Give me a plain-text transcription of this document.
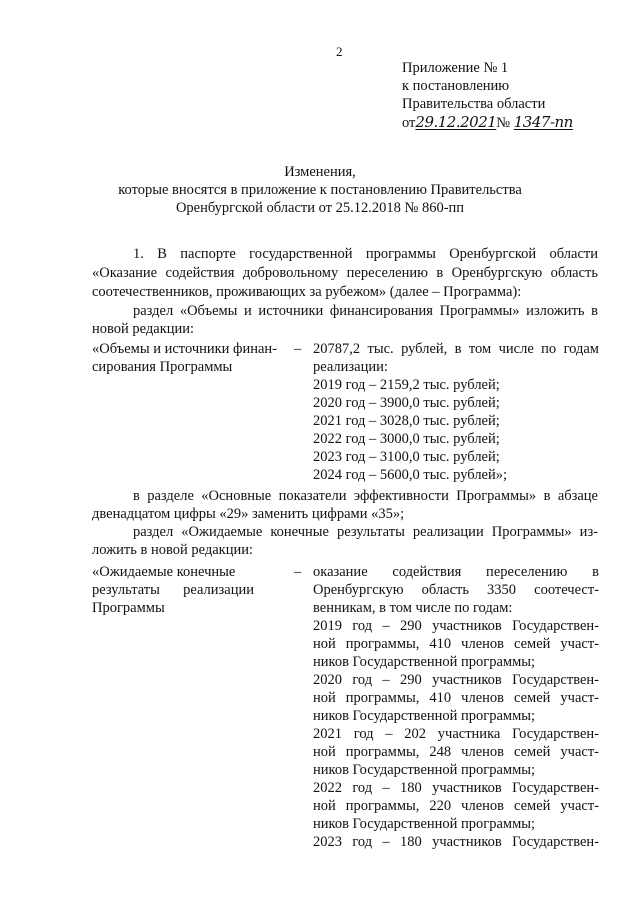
2
Приложение № 1
к постановлению
Правительства области
от29.12.2021№ 1347-пп
Изменения,
которые вносятся в приложение к постановлению Правительства
Оренбургской области от 25.12.2018 № 860-пп
1. В паспорте государственной программы Оренбургской области
«Оказание содействия добровольному переселению в Оренбургскую область
соотечественников, проживающих за рубежом» (далее – Программа):
раздел «Объемы и источники финансирования Программы» изложить в
новой редакции:
«Объемы и источники финан-
сирования Программы
– 20787,2 тыс. рублей, в том числе по годам
реализации:
2019 год – 2159,2 тыс. рублей;
2020 год – 3900,0 тыс. рублей;
2021 год – 3028,0 тыс. рублей;
2022 год – 3000,0 тыс. рублей;
2023 год – 3100,0 тыс. рублей;
2024 год – 5600,0 тыс. рублей»;
в разделе «Основные показатели эффективности Программы» в абзаце
двенадцатом цифры «29» заменить цифрами «35»;
раздел «Ожидаемые конечные результаты реализации Программы» из-
ложить в новой редакции:
«Ожидаемые конечные
результаты реализации
Программы
– оказание содействия переселению в
Оренбургскую область 3350 соотечест-
венникам, в том числе по годам:
2019 год – 290 участников Государствен-
ной программы, 410 членов семей участ-
ников Государственной программы;
2020 год – 290 участников Государствен-
ной программы, 410 членов семей участ-
ников Государственной программы;
2021 год – 202 участника Государствен-
ной программы, 248 членов семей участ-
ников Государственной программы;
2022 год – 180 участников Государствен-
ной программы, 220 членов семей участ-
ников Государственной программы;
2023 год – 180 участников Государствен-
